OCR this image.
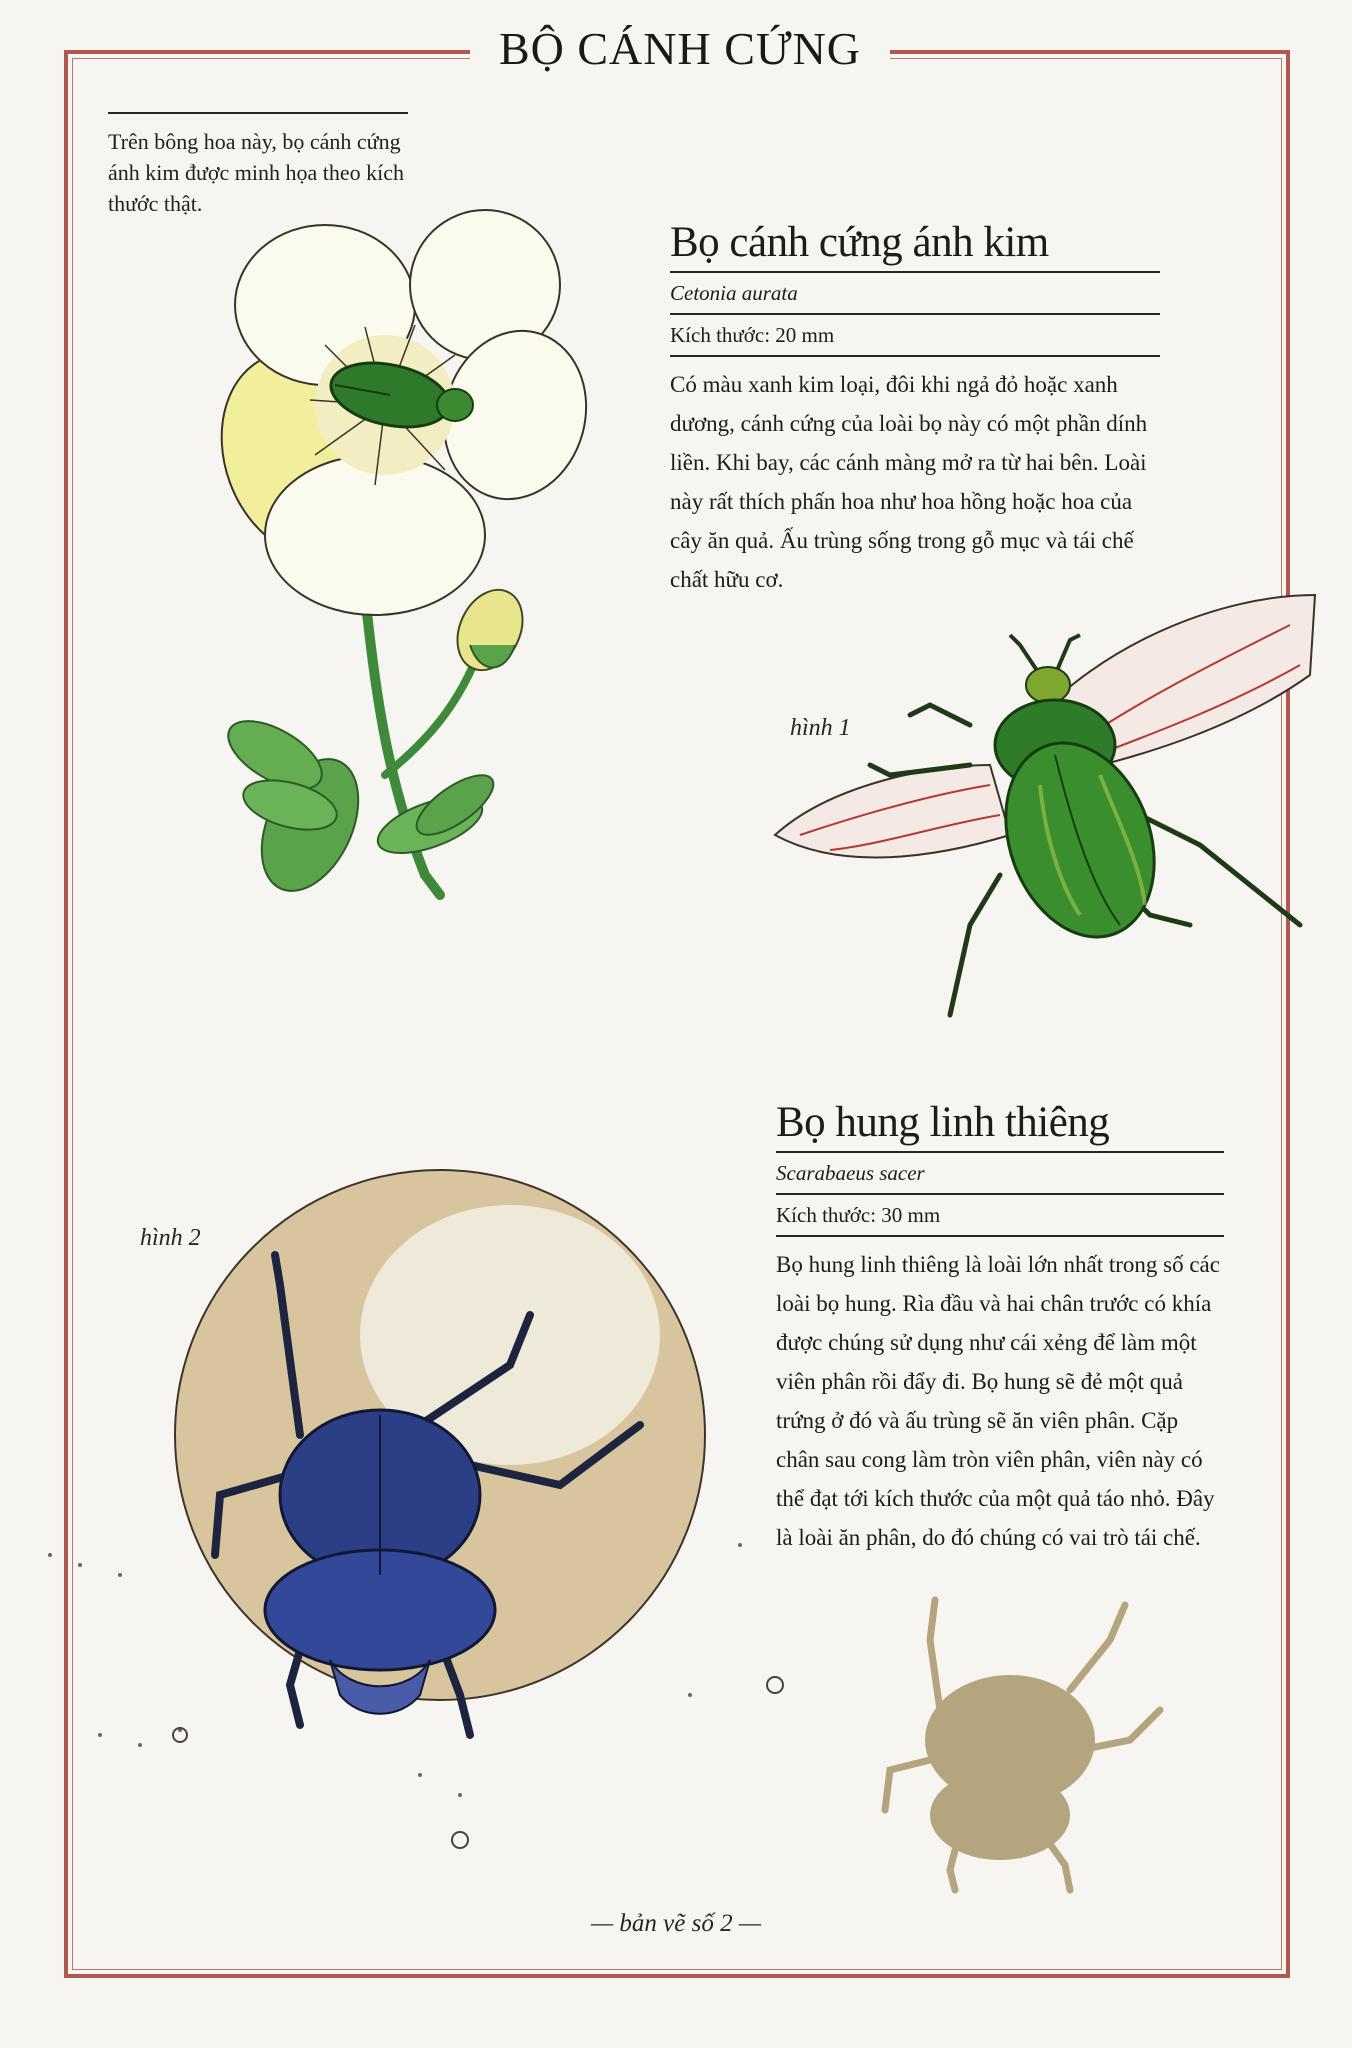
BỘ CÁNH CỨNG
Trên bông hoa này, bọ cánh cứng ánh kim được minh họa theo kích thước thật.
Bọ cánh cứng ánh kim
Cetonia aurata
Kích thước: 20 mm
Có màu xanh kim loại, đôi khi ngả đỏ hoặc xanh dương, cánh cứng của loài bọ này có một phần dính liền. Khi bay, các cánh màng mở ra từ hai bên. Loài này rất thích phấn hoa như hoa hồng hoặc hoa của cây ăn quả. Ấu trùng sống trong gỗ mục và tái chế chất hữu cơ.
hình 1
Bọ hung linh thiêng
Scarabaeus sacer
Kích thước: 30 mm
Bọ hung linh thiêng là loài lớn nhất trong số các loài bọ hung. Rìa đầu và hai chân trước có khía được chúng sử dụng như cái xẻng để làm một viên phân rồi đẩy đi. Bọ hung sẽ đẻ một quả trứng ở đó và ấu trùng sẽ ăn viên phân. Cặp chân sau cong làm tròn viên phân, viên này có thể đạt tới kích thước của một quả táo nhỏ. Đây là loài ăn phân, do đó chúng có vai trò tái chế.
hình 2
— bản vẽ số 2 —
